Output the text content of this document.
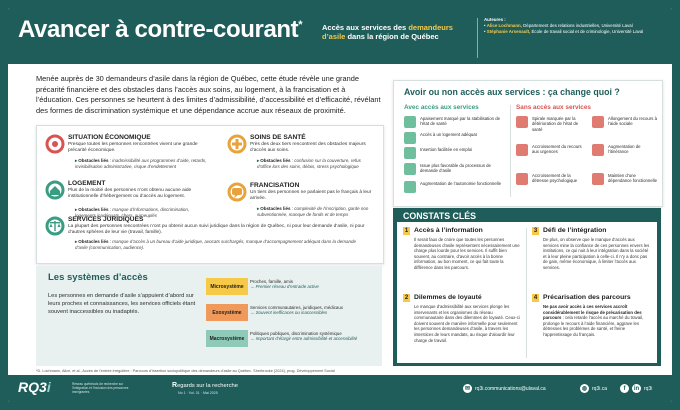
Avancer à contre-courant*	Accès aux services des demandeurs d’asile dans la région de Québec
Auteures :
• Alice Lochmann, Département des relations industrielles, Université Laval
• Stéphanie Arsenault, École de travail social et de criminologie, Université Laval

Menée auprès de 30 demandeurs d’asile dans la région de Québec, cette étude révèle une grande précarité financière et des obstacles dans l’accès aux soins, au logement, à la francisation et à l’éducation. Ces personnes se heurtent à des limites d’admissibilité, d’accessibilité et d’efficacité, révélant des formes de discrimination systémique et une dépendance accrue aux réseaux de proximité.

SITUATION ÉCONOMIQUE
Presque toutes les personnes rencontrées vivent une grande précarité économique.
▸Obstacles liés : inadmissibilité aux programmes d’aide, retards, invisibilisation administrative, risque d’endettement
SOINS DE SANTÉ
Près des deux tiers rencontrent des obstacles majeurs d’accès aux soins.
▸Obstacles liés : confusion sur la couverture, refus d’office lors des soins, délais, stress psychologique
LOGEMENT
Plus de la moitié des personnes n’ont obtenu aucune aide institutionnelle d’hébergement ou d’accès au logement.
▸Obstacles liés : manque d’informations, discrimination, logements inadéquats, chers, surpeuplés
FRANCISATION
Un tiers des personnes ne parlaient pas le français à leur arrivée.
▸Obstacles liés : complexité de l’inscription, garde non subventionnée, manque de fonds et de temps
SERVICES JURIDIQUES
La plupart des personnes rencontrées n’ont pu obtenir aucun suivi juridique dans la région de Québec, ni pour leur demande d’asile, ni pour d’autres sphères de leur vie (travail, famille).
▸Obstacles liés : manque d’accès à un bureau d’aide juridique, avocats surchargés, manque d’accompagnement adéquat dans la demande d’asile (communication, audience).
Les systèmes d’accès

Les personnes en demande d’asile s’appuient d’abord sur leurs proches et connaissances, les services officiels étant souvent inaccessibles ou inadaptés.

Microsystème
Proches, famille, amis
→ Premier réseau d’entraide active
Exosystème
Services communautaires, juridiques, médicaux
→ Souvent inefficaces ou inaccessibles
Macrosystème
Politiques publiques, discrimination systémique
→ Important d’élargir entre admissibilité et accessibilité
*D. Lochmann, Alice, et al., Accès de l’entrée irrégulière : Parcours d’insertion sociopolitique des demandeurs d’asile au Québec. Sherbrooke (2024), prog. Développement Social
Avoir ou non accès aux services : ça change quoi ?
Avec accès aux services	Sans accès aux services
Apaisement marqué par la stabilisation de l’état de santé
Accès à un logement adéquat
Insertion facilitée en emploi
Issue plus favorable du processus de demande d’asile
Augmentation de l’autonomie fonctionnelle
Spirale marquée par la détérioration de l’état de santé
Allongement du recours à l’aide sociale
Accroissement du recours aux urgences
Augmentation de l’itinérance
Accroissement de la détresse psychologique
Maintien d’une dépendance fonctionnelle
CONSTATS CLÉS
1 Accès à l’information
Il serait faux de croire que toutes les personnes demandeuses d’asile représentent nécessairement une charge plus lourde pour les services. Il suffit bien souvent, au contraire, d’avoir accès à la bonne information, au bon moment, ce qui fait toute la différence dans les parcours.
3 Défi de l’intégration
De plus, on observe que le manque d’accès aux services mine la confiance de ces personnes envers les institutions, ce qui nuit à leur intégration dans la société et à leur pleine participation à celle-ci. Il n’y a donc pas de gain, même économique, à limiter l’accès aux services.
2 Dilemmes de loyauté
Le manque d’admissibilité aux services plonge les intervenants et les organismes du réseau communautaire dans des dilemmes de loyauté. Ceux-ci doivent souvent de manière informelle pour seulement les personnes demandeuses d’asile, à travers les interstices de leurs mandats, au risque d’alourdir leur charge de travail.
4 Précarisation des parcours
Ne pas avoir accès à ces services accroît considérablement le risque de précarisation des parcours : cela retarde l’accès au marché du travail, prolonge le recours à l’aide financière, aggrave les détresses les problèmes de santé, et freine l’apprentissage du français.
RQ3i	Réseau québécois de recherche sur l’intégration et l’inclusion des personnes immigrantes
Regards sur la recherche
No 1 · Vol. 01 · Mai 2025
✉ rq3i.communications@ulaval.ca	◍ rq3i.ca	f	in rq3i
